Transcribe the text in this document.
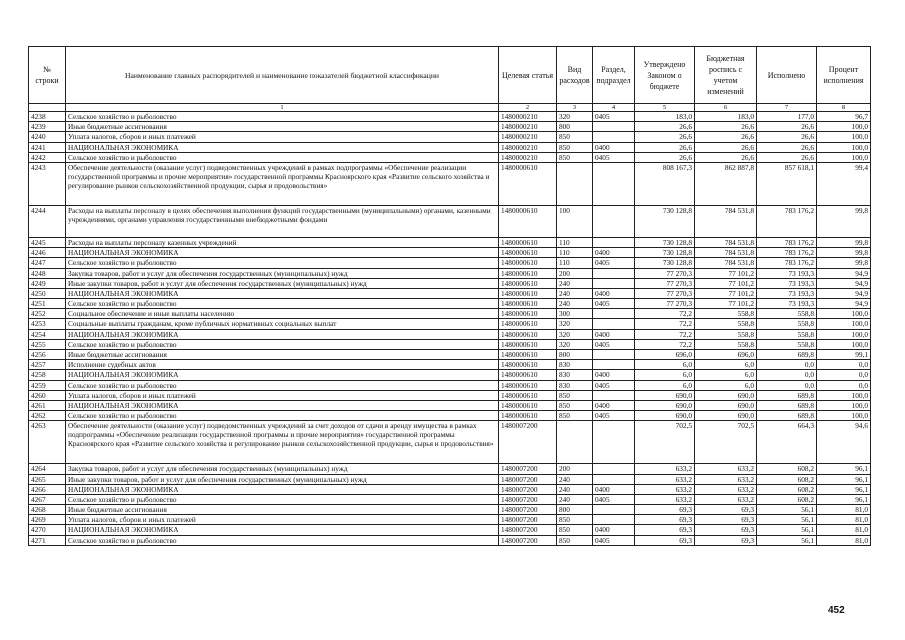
№ строки	Наименование главных распорядителей и наименование показателей бюджетной классификации	Целевая статья	Вид расходов	Раздел, подраздел	Утверждено Законом о бюджете	Бюджетная роспись с учетом изменений	Исполнено	Процент исполнения
	1	2	3	4	5	6	7	8
4238	Сельское хозяйство и рыболовство	1480000210	320	0405	183,0	183,0	177,0	96,7
4239	Иные бюджетные ассигнования	1480000210	800		26,6	26,6	26,6	100,0
4240	Уплата налогов, сборов и иных платежей	1480000210	850		26,6	26,6	26,6	100,0
4241	НАЦИОНАЛЬНАЯ ЭКОНОМИКА	1480000210	850	0400	26,6	26,6	26,6	100,0
4242	Сельское хозяйство и рыболовство	1480000210	850	0405	26,6	26,6	26,6	100,0
4243	Обеспечение деятельности (оказание услуг) подведомственных учреждений в рамках подпрограммы «Обеспечение реализации государственной программы и прочие мероприятия» государственной программы Красноярского края «Развитие сельского хозяйства и регулирование рынков сельскохозяйственной продукции, сырья и продовольствия»	1480000610			808 167,3	862 887,8	857 618,1	99,4
4244	Расходы на выплаты персоналу в целях обеспечения выполнения функций государственными (муниципальными) органами, казенными учреждениями, органами управления государственными внебюджетными фондами	1480000610	100		730 128,8	784 531,8	783 176,2	99,8
4245	Расходы на выплаты персоналу казенных учреждений	1480000610	110		730 128,8	784 531,8	783 176,2	99,8
4246	НАЦИОНАЛЬНАЯ ЭКОНОМИКА	1480000610	110	0400	730 128,8	784 531,8	783 176,2	99,8
4247	Сельское хозяйство и рыболовство	1480000610	110	0405	730 128,8	784 531,8	783 176,2	99,8
4248	Закупка товаров, работ и услуг для обеспечения государственных (муниципальных) нужд	1480000610	200		77 270,3	77 101,2	73 193,3	94,9
4249	Иные закупки товаров, работ и услуг для обеспечения государственных (муниципальных) нужд	1480000610	240		77 270,3	77 101,2	73 193,3	94,9
4250	НАЦИОНАЛЬНАЯ ЭКОНОМИКА	1480000610	240	0400	77 270,3	77 101,2	73 193,3	94,9
4251	Сельское хозяйство и рыболовство	1480000610	240	0405	77 270,3	77 101,2	73 193,3	94,9
4252	Социальное обеспечение и иные выплаты населению	1480000610	300		72,2	558,8	558,8	100,0
4253	Социальные выплаты гражданам, кроме публичных нормативных социальных выплат	1480000610	320		72,2	558,8	558,8	100,0
4254	НАЦИОНАЛЬНАЯ ЭКОНОМИКА	1480000610	320	0400	72,2	558,8	558,8	100,0
4255	Сельское хозяйство и рыболовство	1480000610	320	0405	72,2	558,8	558,8	100,0
4256	Иные бюджетные ассигнования	1480000610	800		696,0	696,0	689,8	99,1
4257	Исполнение судебных актов	1480000610	830		6,0	6,0	0,0	0,0
4258	НАЦИОНАЛЬНАЯ ЭКОНОМИКА	1480000610	830	0400	6,0	6,0	0,0	0,0
4259	Сельское хозяйство и рыболовство	1480000610	830	0405	6,0	6,0	0,0	0,0
4260	Уплата налогов, сборов и иных платежей	1480000610	850		690,0	690,0	689,8	100,0
4261	НАЦИОНАЛЬНАЯ ЭКОНОМИКА	1480000610	850	0400	690,0	690,0	689,8	100,0
4262	Сельское хозяйство и рыболовство	1480000610	850	0405	690,0	690,0	689,8	100,0
4263	Обеспечение деятельности (оказание услуг) подведомственных учреждений за счет доходов от сдачи в аренду имущества в рамках подпрограммы «Обеспечение реализации государственной программы и прочие мероприятия» государственной программы Красноярского края «Развитие сельского хозяйства и регулирование рынков сельскохозяйственной продукции, сырья и продовольствия»	1480007200			702,5	702,5	664,3	94,6
4264	Закупка товаров, работ и услуг для обеспечения государственных (муниципальных) нужд	1480007200	200		633,2	633,2	608,2	96,1
4265	Иные закупки товаров, работ и услуг для обеспечения государственных (муниципальных) нужд	1480007200	240		633,2	633,2	608,2	96,1
4266	НАЦИОНАЛЬНАЯ ЭКОНОМИКА	1480007200	240	0400	633,2	633,2	608,2	96,1
4267	Сельское хозяйство и рыболовство	1480007200	240	0405	633,2	633,2	608,2	96,1
4268	Иные бюджетные ассигнования	1480007200	800		69,3	69,3	56,1	81,0
4269	Уплата налогов, сборов и иных платежей	1480007200	850		69,3	69,3	56,1	81,0
4270	НАЦИОНАЛЬНАЯ ЭКОНОМИКА	1480007200	850	0400	69,3	69,3	56,1	81,0
4271	Сельское хозяйство и рыболовство	1480007200	850	0405	69,3	69,3	56,1	81,0
452
